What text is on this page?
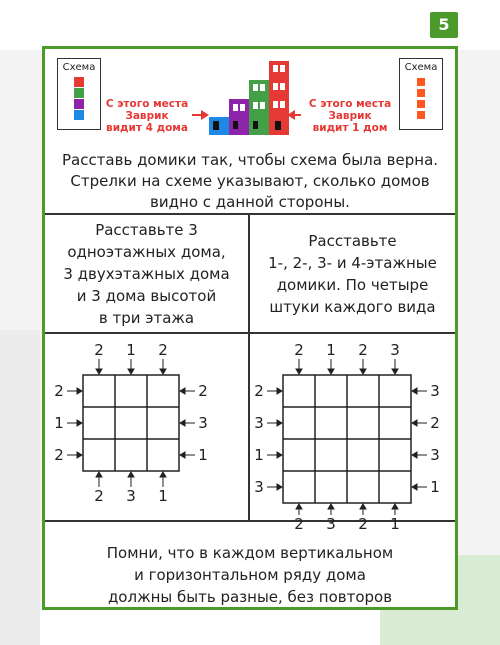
5
Схема	Схема
С этого места
Заврик
видит 4 дома
С этого места
Заврик
видит 1 дом
Расставь домики так, чтобы схема была верна.
Стрелки на схеме указывают, сколько домов
видно с данной стороны.
Расставьте 3
одноэтажных дома,
3 двухэтажных дома
и 3 дома высотой
в три этажа
Расставьте
1-, 2-, 3- и 4-этажные
домики. По четыре
штуки каждого вида
2 1 2
2 3 1
2
1
2
2
3
1
2 1 2 3
2 3 2 1
2
3
1
3
3
2
3
1
Помни, что в каждом вертикальном
и горизонтальном ряду дома
должны быть разные, без повторов
